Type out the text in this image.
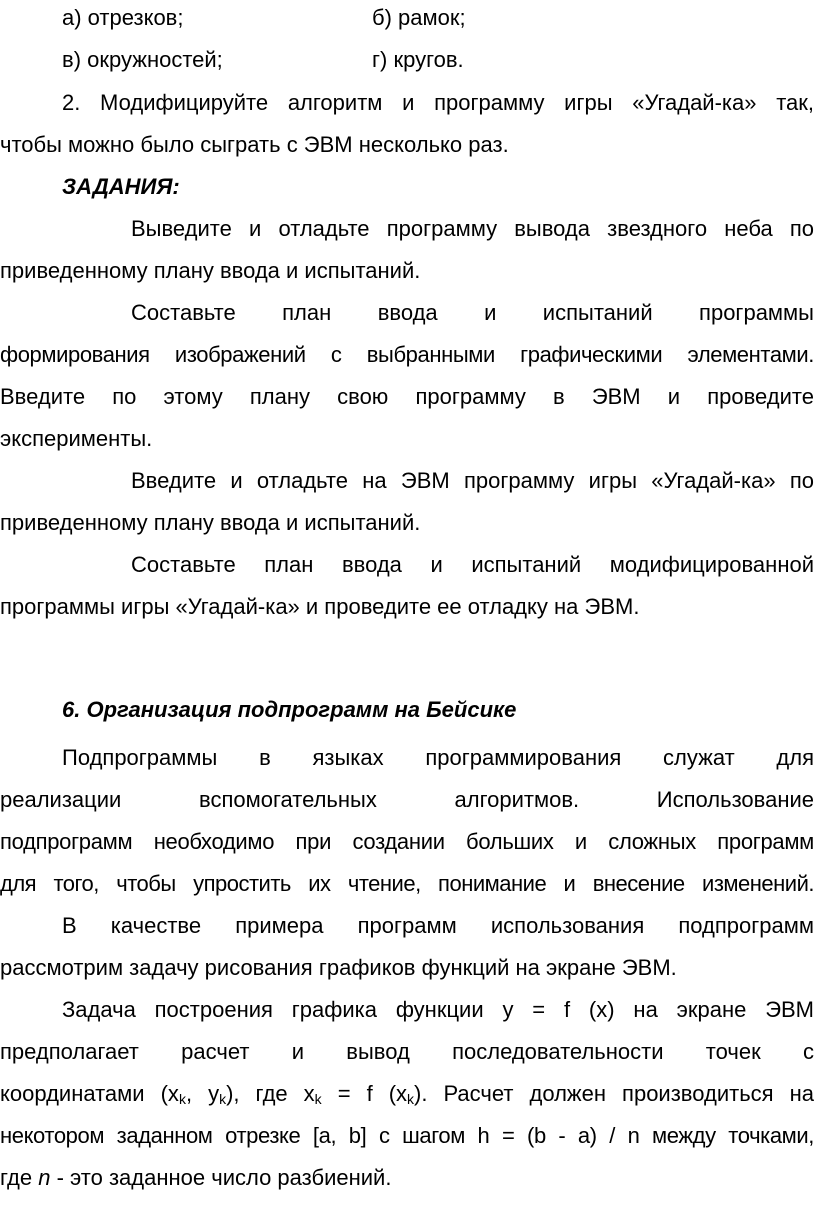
а) отрезков;	б) рамок;
в) окружностей;	г) кругов.
2. Модифицируйте алгоритм и программу игры «Угадай-ка» так,
чтобы можно было сыграть с ЭВМ несколько раз.
ЗАДАНИЯ:
Выведите и отладьте программу вывода звездного неба по
приведенному плану ввода и испытаний.
Составьте план ввода и испытаний программы
формирования изображений с выбранными графическими элементами.
Введите по этому плану свою программу в ЭВМ и проведите
эксперименты.
Введите и отладьте на ЭВМ программу игры «Угадай-ка» по
приведенному плану ввода и испытаний.
Составьте план ввода и испытаний модифицированной
программы игры «Угадай-ка» и проведите ее отладку на ЭВМ.
6. Организация подпрограмм на Бейсике
Подпрограммы в языках программирования служат для
реализации вспомогательных алгоритмов. Использование
подпрограмм необходимо при создании больших и сложных программ
для того, чтобы упростить их чтение, понимание и внесение изменений.
В качестве примера программ использования подпрограмм
рассмотрим задачу рисования графиков функций на экране ЭВМ.
Задача построения графика функции y = f (x) на экране ЭВМ
предполагает расчет и вывод последовательности точек с
координатами ($x_k$, $y_k$), где $x_k = f$ $(x_k)$. Расчет должен производиться на
некотором заданном отрезке [a, b] с шагом h = (b - a) / n между точками,
где n - это заданное число разбиений.
